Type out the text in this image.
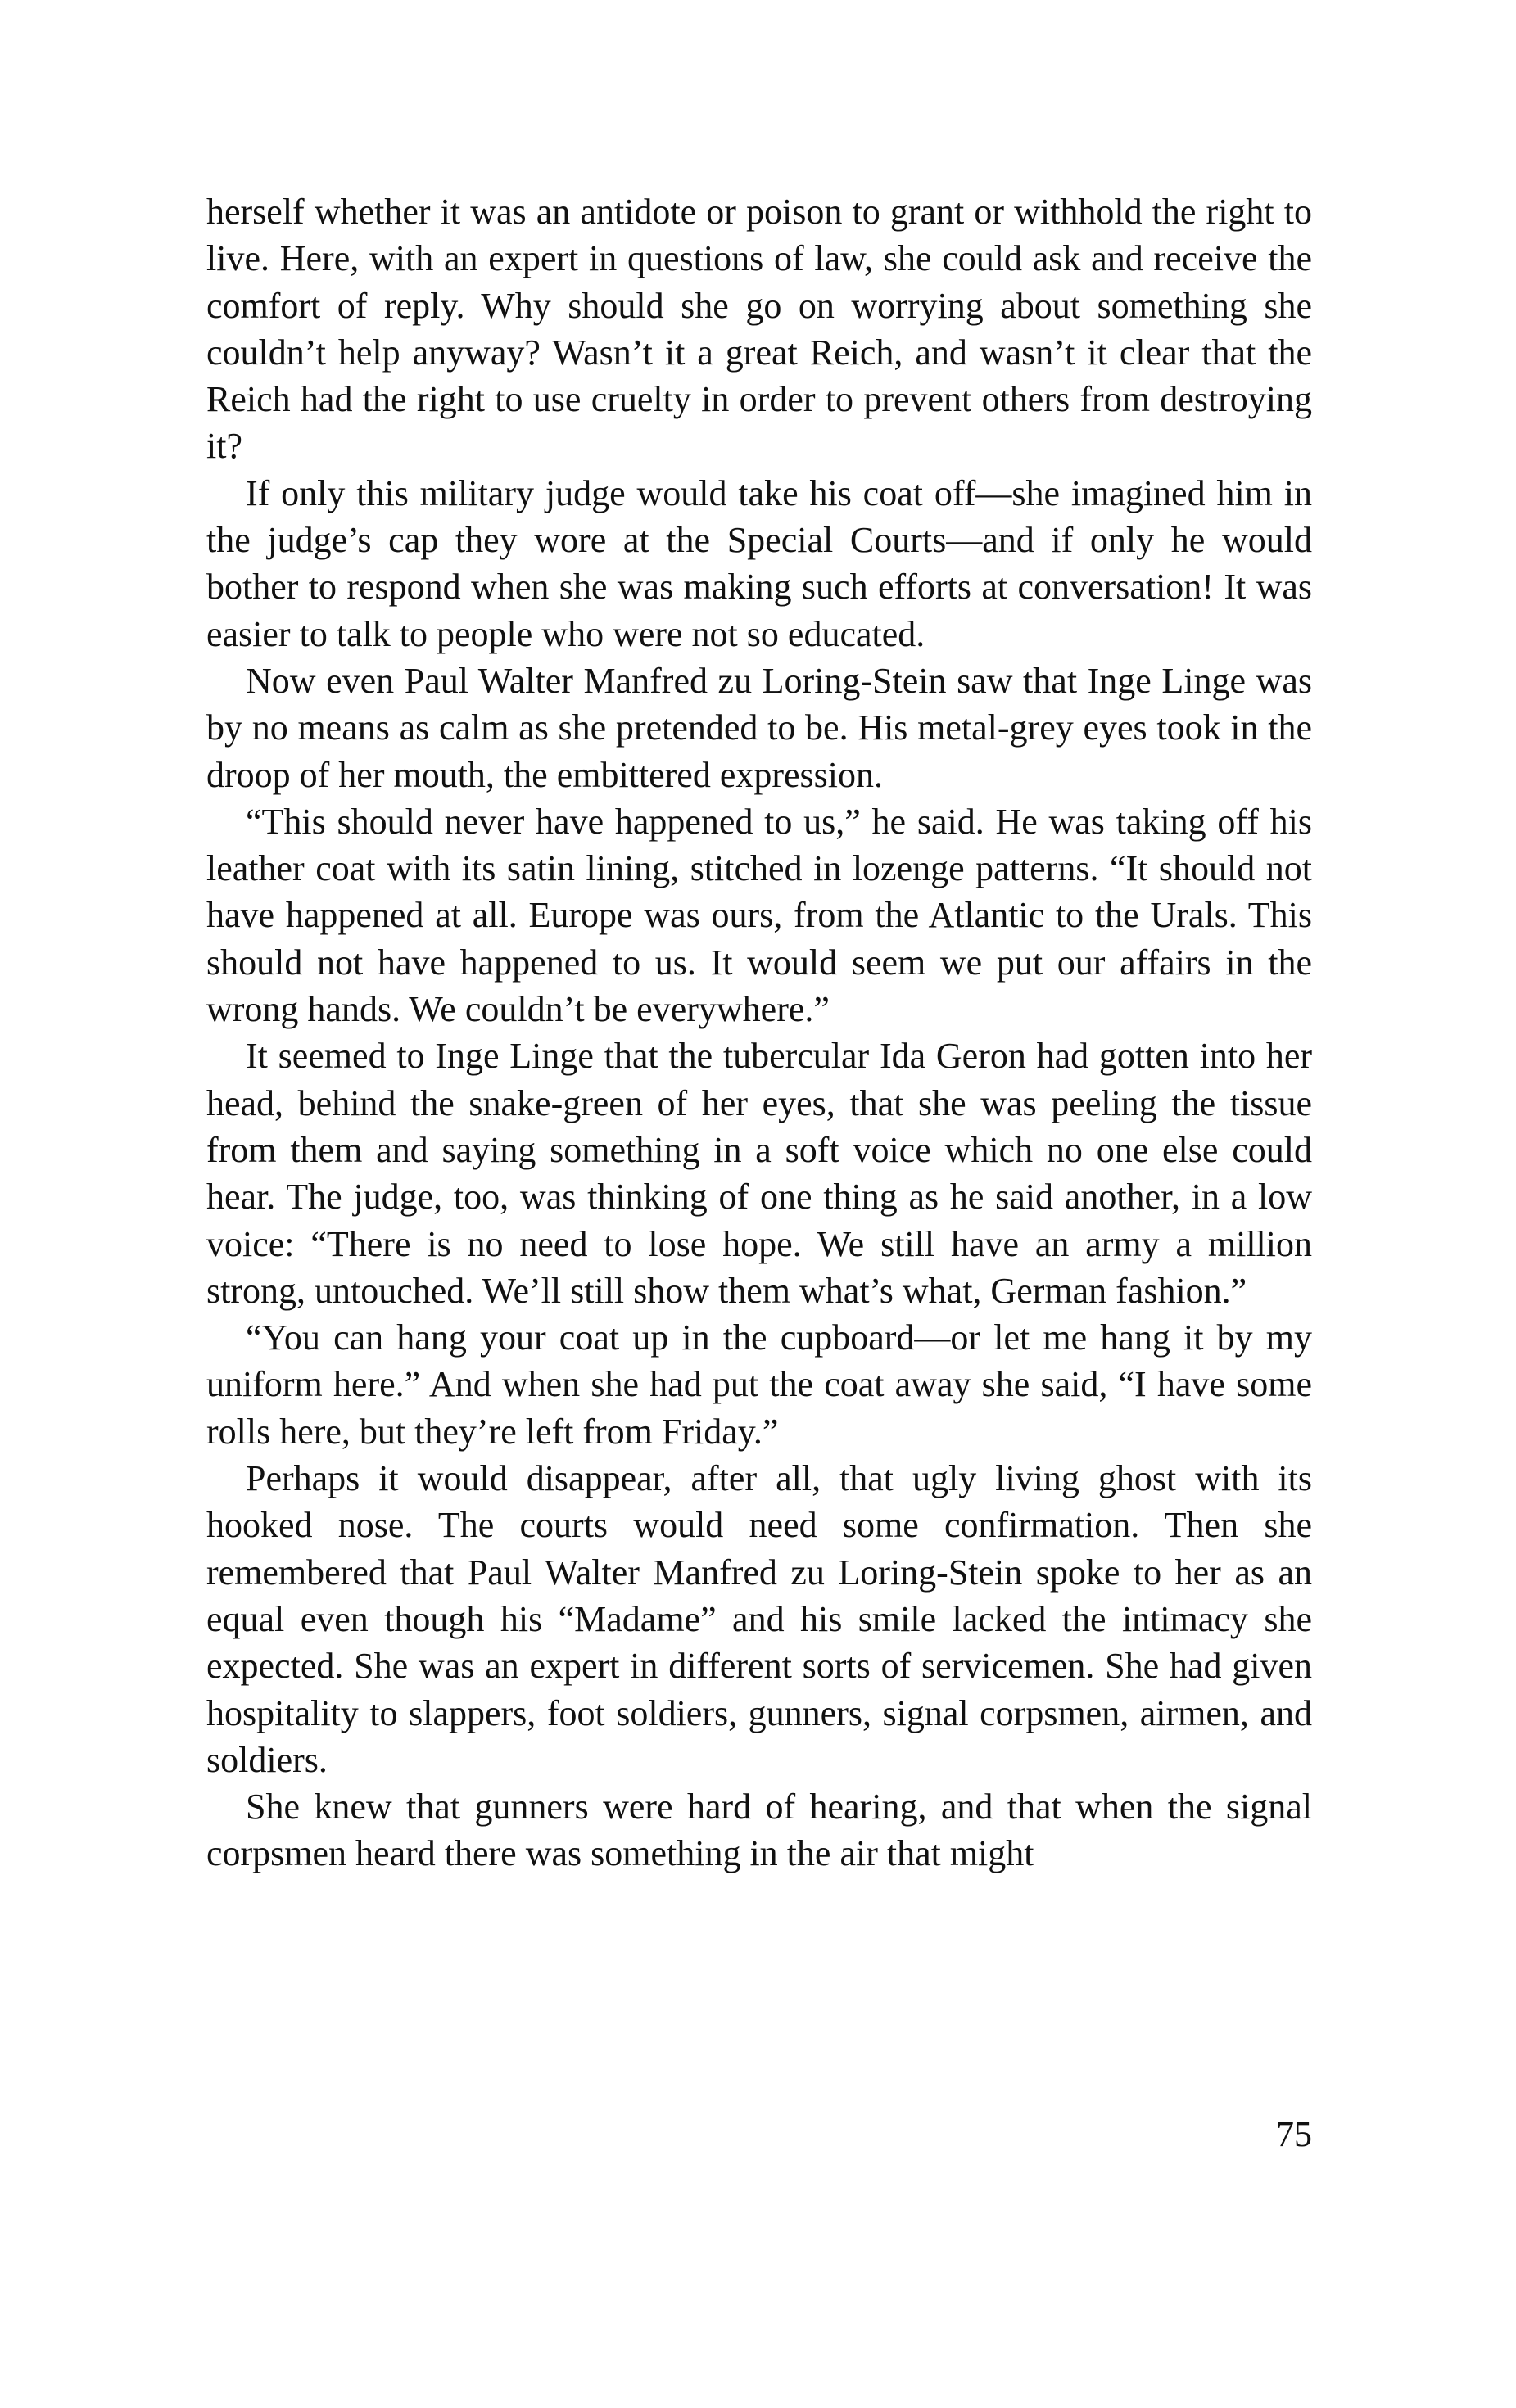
herself whether it was an antidote or poison to grant or withhold the right to live. Here, with an expert in questions of law, she could ask and receive the comfort of reply. Why should she go on worrying about something she couldn’t help anyway? Wasn’t it a great Reich, and wasn’t it clear that the Reich had the right to use cruelty in order to prevent others from destroying it?

If only this military judge would take his coat off—she imagined him in the judge’s cap they wore at the Special Courts—and if only he would bother to respond when she was making such efforts at conversation! It was easier to talk to people who were not so educated.

Now even Paul Walter Manfred zu Loring-Stein saw that Inge Linge was by no means as calm as she pretended to be. His metal-grey eyes took in the droop of her mouth, the embittered expression.

“This should never have happened to us,” he said. He was taking off his leather coat with its satin lining, stitched in lozenge patterns. “It should not have happened at all. Europe was ours, from the Atlantic to the Urals. This should not have happened to us. It would seem we put our affairs in the wrong hands. We couldn’t be everywhere.”

It seemed to Inge Linge that the tubercular Ida Geron had gotten into her head, behind the snake-green of her eyes, that she was peeling the tissue from them and saying something in a soft voice which no one else could hear. The judge, too, was thinking of one thing as he said another, in a low voice: “There is no need to lose hope. We still have an army a million strong, untouched. We’ll still show them what’s what, German fashion.”

“You can hang your coat up in the cupboard—or let me hang it by my uniform here.” And when she had put the coat away she said, “I have some rolls here, but they’re left from Friday.”

Perhaps it would disappear, after all, that ugly living ghost with its hooked nose. The courts would need some confirmation. Then she remembered that Paul Walter Manfred zu Loring-Stein spoke to her as an equal even though his “Madame” and his smile lacked the intimacy she expected. She was an expert in different sorts of servicemen. She had given hospitality to slappers, foot soldiers, gunners, signal corpsmen, airmen, and soldiers.

She knew that gunners were hard of hearing, and that when the signal corpsmen heard there was something in the air that might

75
